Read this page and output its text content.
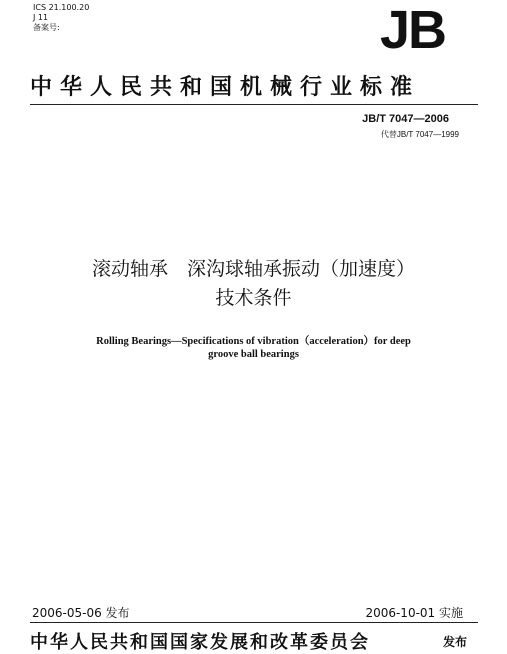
ICS 21.100.20
J 11
备案号:	JB
中华人民共和国机械行业标准
JB/T 7047—2006
代替JB/T 7047—1999
滚动轴承　深沟球轴承振动（加速度）
技术条件
Rolling Bearings—Specifications of vibration（acceleration）for deep
groove ball bearings
2006-05-06 发布	2006-10-01 实施
中华人民共和国国家发展和改革委员会	发布
